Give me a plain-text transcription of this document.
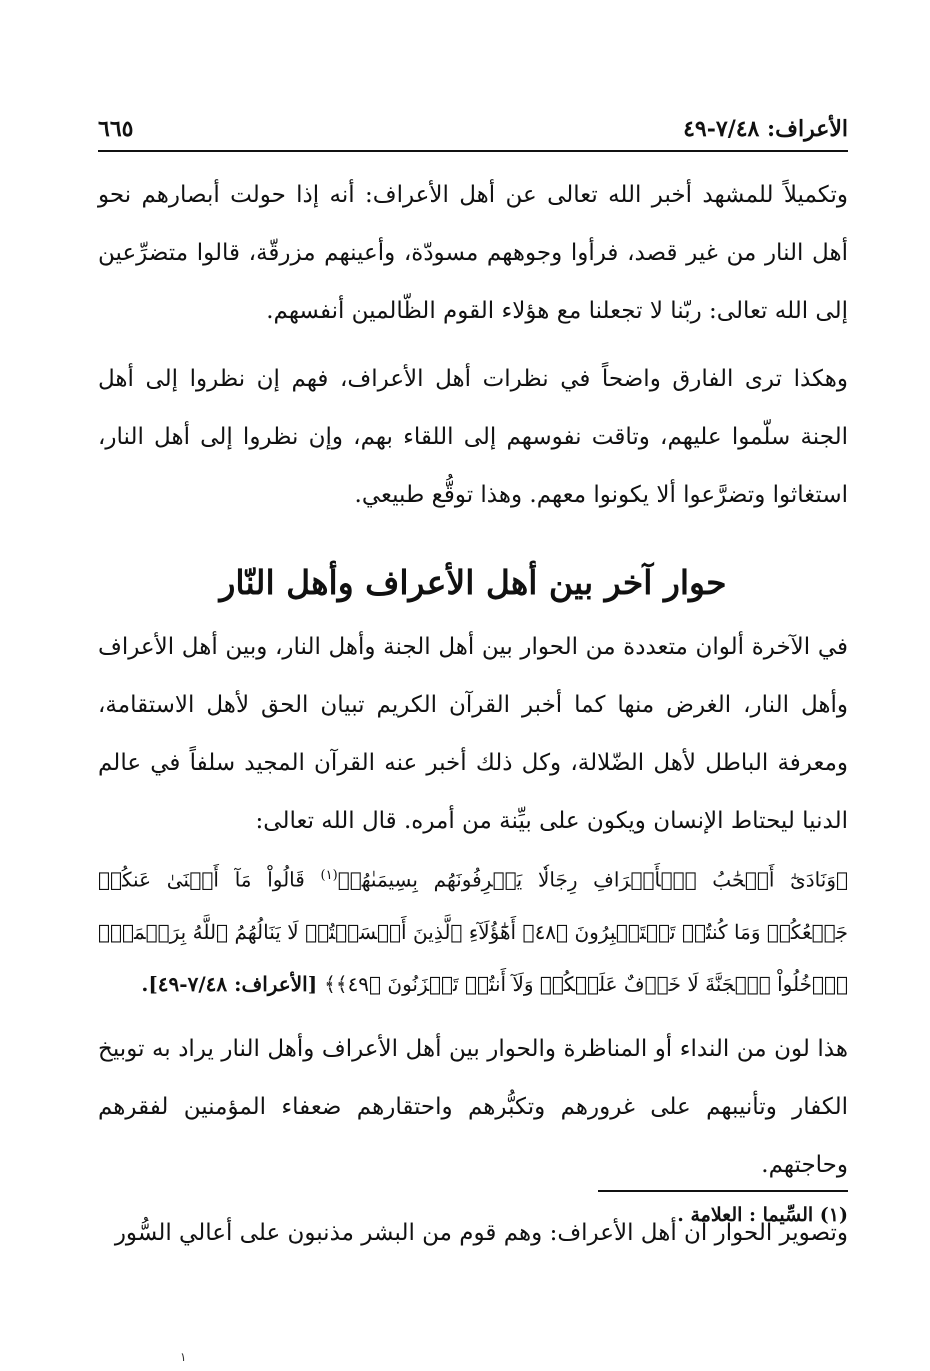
الأعراف: ٧/٤٨-٤٩
٦٦٥

وتكميلاً للمشهد أخبر الله تعالى عن أهل الأعراف: أنه إذا حولت أبصارهم نحو أهل النار من غير قصد، فرأوا وجوههم مسودّة، وأعينهم مزرقّة، قالوا متضرِّعين إلى الله تعالى: ربّنا لا تجعلنا مع هؤلاء القوم الظّالمين أنفسهم.

وهكذا ترى الفارق واضحاً في نظرات أهل الأعراف، فهم إن نظروا إلى أهل الجنة سلّموا عليهم، وتاقت نفوسهم إلى اللقاء بهم، وإن نظروا إلى أهل النار، استغاثوا وتضرَّعوا ألا يكونوا معهم. وهذا توقُّع طبيعي.

حوار آخر بين أهل الأعراف وأهل النّار

في الآخرة ألوان متعددة من الحوار بين أهل الجنة وأهل النار، وبين أهل الأعراف وأهل النار، الغرض منها كما أخبر القرآن الكريم تبيان الحق لأهل الاستقامة، ومعرفة الباطل لأهل الضّلالة، وكل ذلك أخبر عنه القرآن المجيد سلفاً في عالم الدنيا ليحتاط الإنسان ويكون على بيِّنة من أمره. قال الله تعالى:

﴿وَنَادَىٰٓ أَصۡحَٰبُ ٱلۡأَعۡرَافِ رِجَالٗا يَعۡرِفُونَهُم بِسِيمَىٰهُمۡ$^{(١)}$ قَالُواْ مَآ أَغۡنَىٰ عَنكُمۡ جَمۡعُكُمۡ وَمَا كُنتُمۡ تَسۡتَكۡبِرُونَ ﴿٤٨﴾ أَهَٰٓؤُلَآءِ ٱلَّذِينَ أَقۡسَمۡتُمۡ لَا يَنَالُهُمُ ٱللَّهُ بِرَحۡمَةٍۚ ٱدۡخُلُواْ ٱلۡجَنَّةَ لَا خَوۡفٌ عَلَيۡكُمۡ وَلَآ أَنتُمۡ تَحۡزَنُونَ ﴿٤٩﴾﴾ [الأعراف: ٧/٤٨-٤٩].

هذا لون من النداء أو المناظرة والحوار بين أهل الأعراف وأهل النار يراد به توبيخ الكفار وتأنيبهم على غرورهم وتكبُّرهم واحتقارهم ضعفاء المؤمنين لفقرهم وحاجتهم.

وتصوير الحوار أن أهل الأعراف: وهم قوم من البشر مذنبون على أعالي السُّور

(١) السِّيما : العلامة .
١
